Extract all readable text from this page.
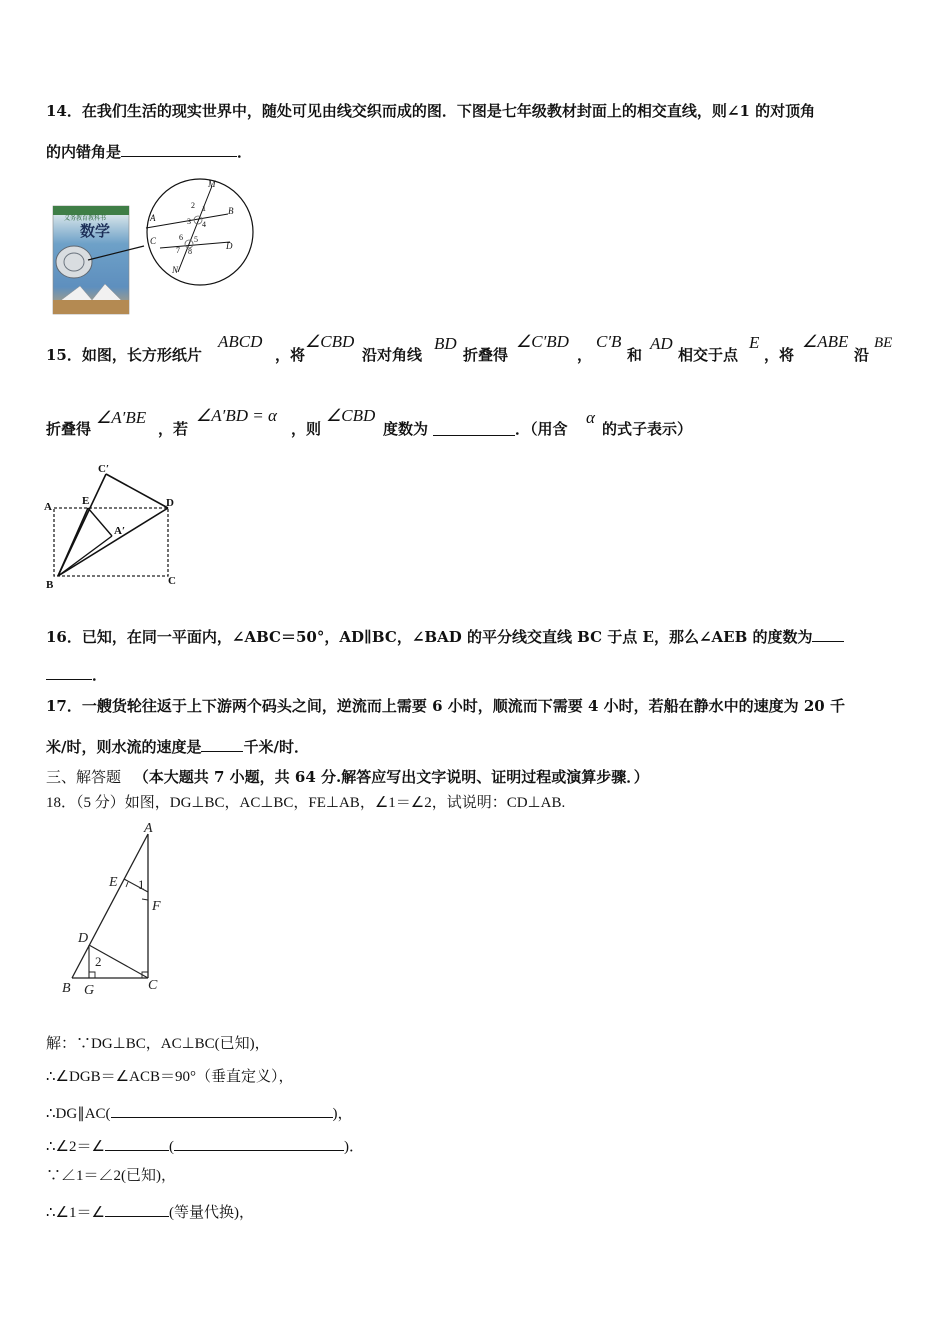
14．在我们生活的现实世界中，随处可见由线交织而成的图．下图是七年级教材封面上的相交直线，则∠1 的对顶角
的内错角是	．
义务教育教科书
数学
M
A
B
C	D
N
1
2
3 4
5
6
7 8
15．如图，长方形纸片
ABCD
，将
∠CBD
沿对角线
BD
折叠得
∠C′BD
，
C′B
和
AD
相交于点
E
，将
∠ABE
沿
BE
折叠得
∠A′BE
，若
∠A′BD = α
，则
∠CBD
度数为	．（用含
α
的式子表示）
C′
A	E	D
A′
B	C
16．已知，在同一平面内，∠ABC＝50°，AD∥BC，∠BAD 的平分线交直线 BC 于点 E，那么∠AEB 的度数为
．
17．一艘货轮往返于上下游两个码头之间，逆流而上需要 6 小时，顺流而下需要 4 小时，若船在静水中的速度为 20 千
米/时，则水流的速度是	千米/时．
三、解答题 （本大题共 7 小题，共 64 分.解答应写出文字说明、证明过程或演算步骤．）
18．（5 分）如图，DG⊥BC，AC⊥BC，FE⊥AB，∠1＝∠2，试说明：CD⊥AB.
A
E
F
D
B G	C
1
2
解：∵DG⊥BC，AC⊥BC(已知)，
∴∠DGB＝∠ACB＝90°（垂直定义），
∴DG∥AC(	)，
∴∠2＝∠	(	)．
∵∠1＝∠2(已知)，
∴∠1＝∠	(等量代换)，
